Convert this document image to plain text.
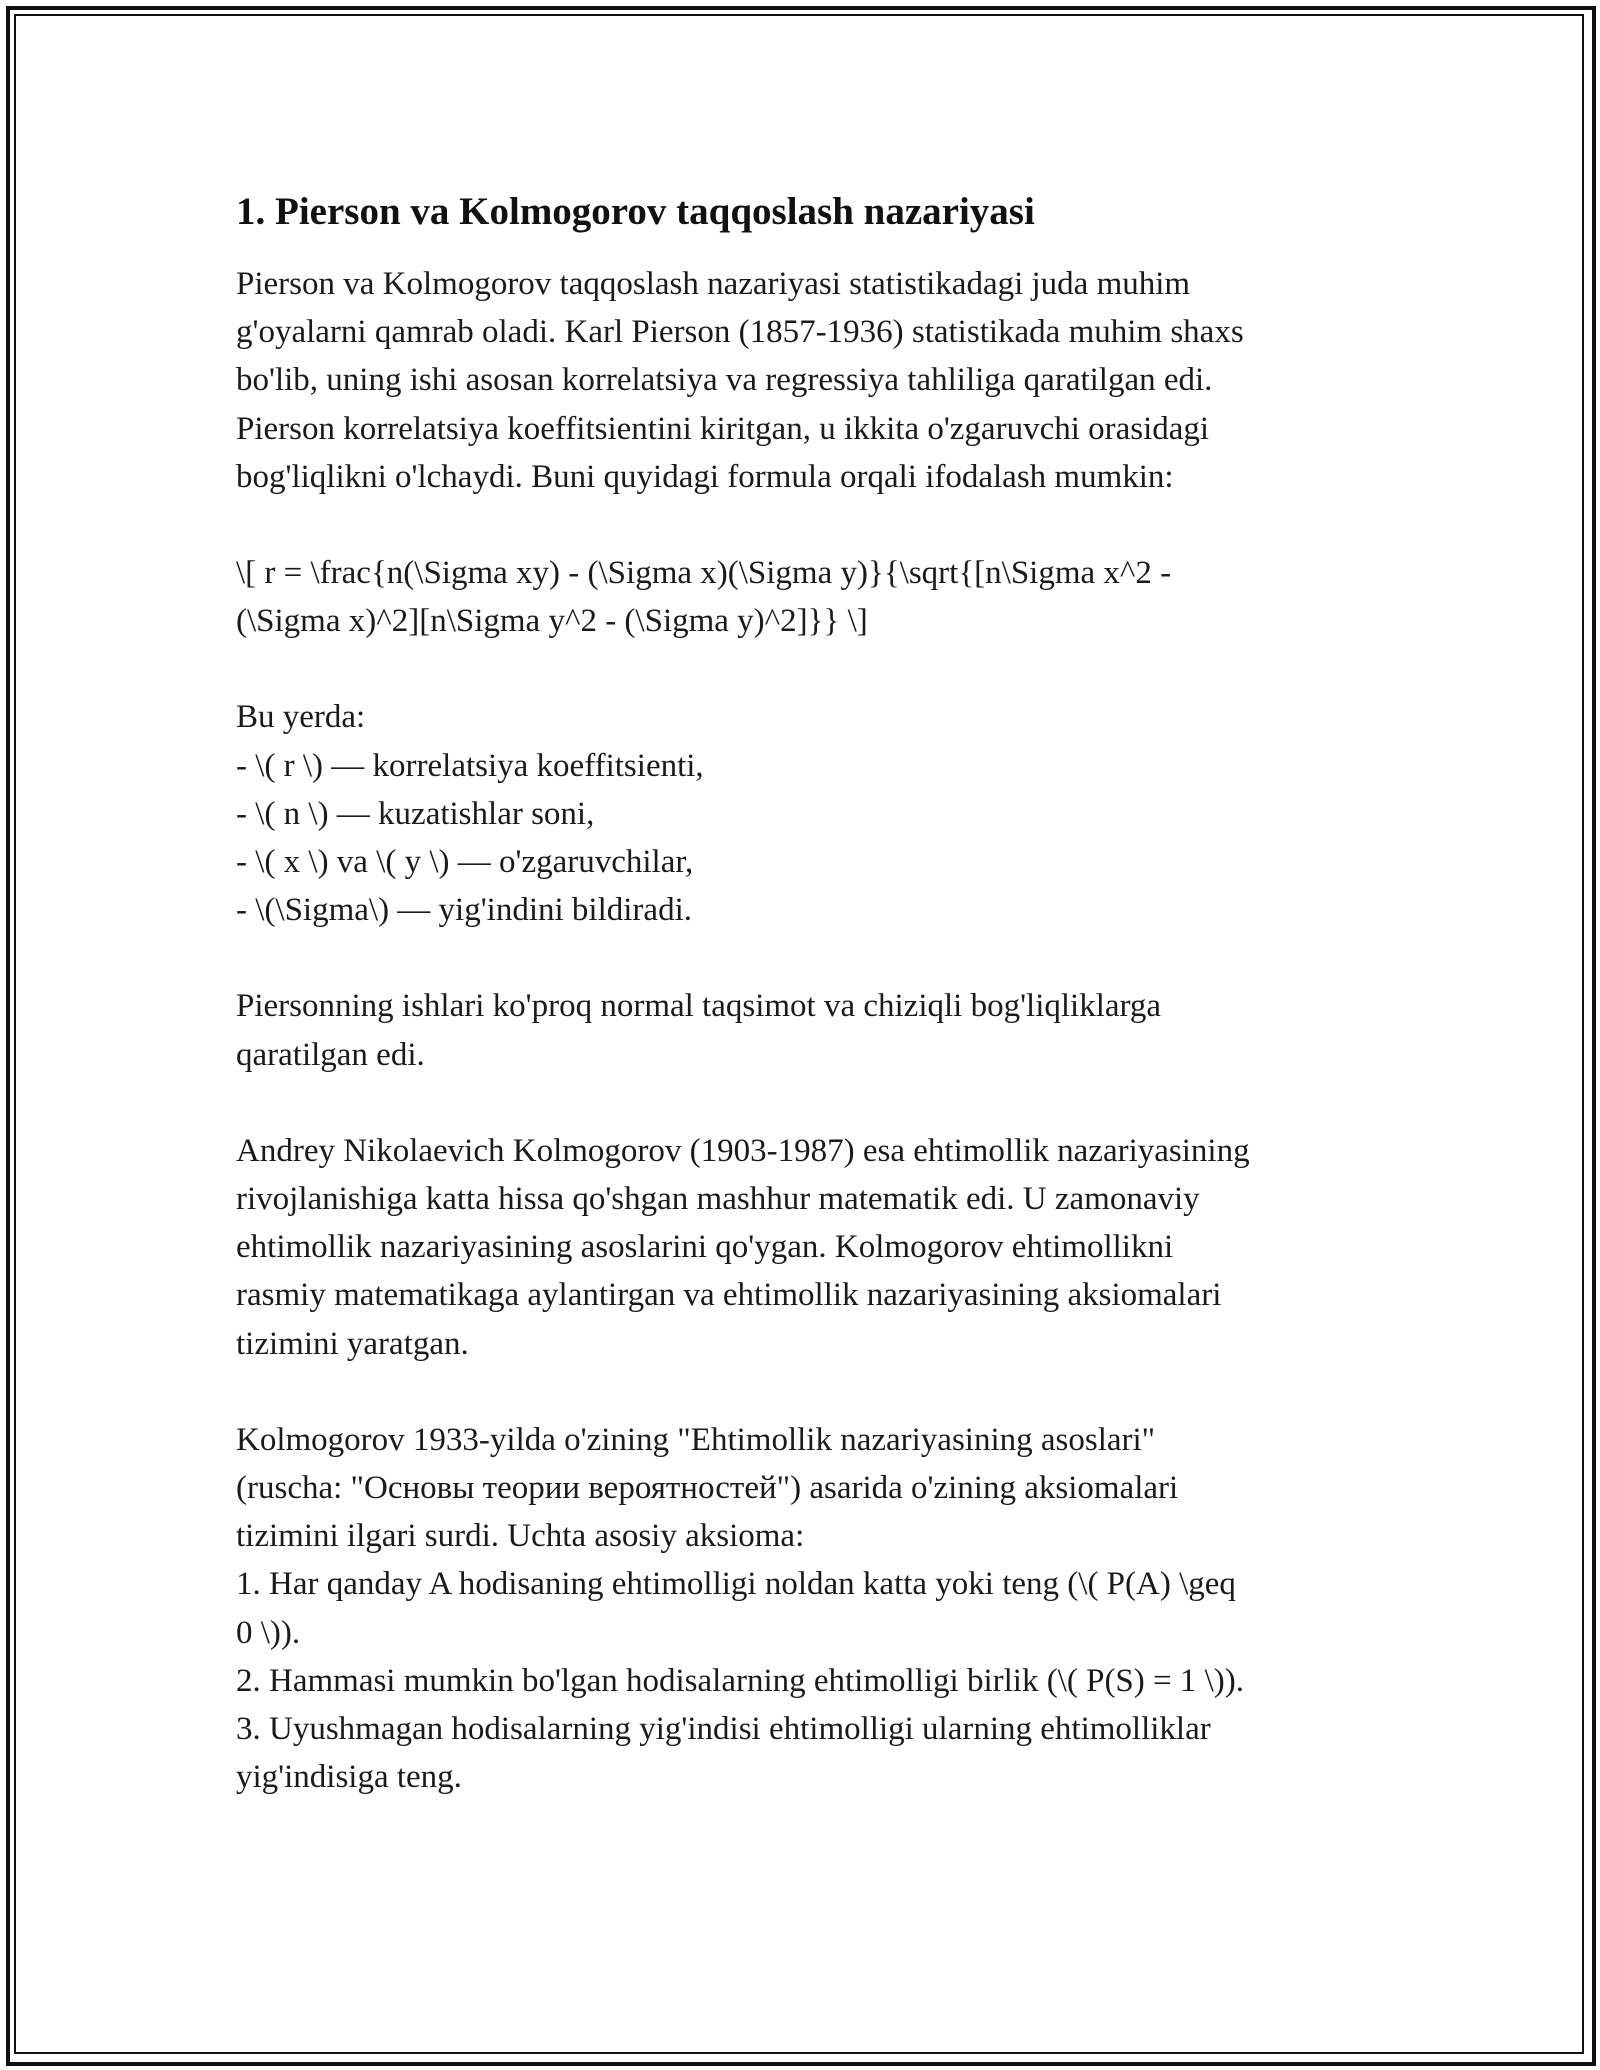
1. Pierson va Kolmogorov taqqoslash nazariyasi
Pierson va Kolmogorov taqqoslash nazariyasi statistikadagi juda muhim
g'oyalarni qamrab oladi. Karl Pierson (1857-1936) statistikada muhim shaxs
bo'lib, uning ishi asosan korrelatsiya va regressiya tahliliga qaratilgan edi.
Pierson korrelatsiya koeffitsientini kiritgan, u ikkita o'zgaruvchi orasidagi
bog'liqlikni o'lchaydi. Buni quyidagi formula orqali ifodalash mumkin:
\[ r = \frac{n(\Sigma xy) - (\Sigma x)(\Sigma y)}{\sqrt{[n\Sigma x^2 -
(\Sigma x)^2][n\Sigma y^2 - (\Sigma y)^2]}} \]
Bu yerda:
- \( r \) — korrelatsiya koeffitsienti,
- \( n \) — kuzatishlar soni,
- \( x \) va \( y \) — o'zgaruvchilar,
- \(\Sigma\) — yig'indini bildiradi.
Piersonning ishlari ko'proq normal taqsimot va chiziqli bog'liqliklarga
qaratilgan edi.
Andrey Nikolaevich Kolmogorov (1903-1987) esa ehtimollik nazariyasining
rivojlanishiga katta hissa qo'shgan mashhur matematik edi. U zamonaviy
ehtimollik nazariyasining asoslarini qo'ygan. Kolmogorov ehtimollikni
rasmiy matematikaga aylantirgan va ehtimollik nazariyasining aksiomalari
tizimini yaratgan.
Kolmogorov 1933-yilda o'zining "Ehtimollik nazariyasining asoslari"
(ruscha: "Основы теории вероятностей") asarida o'zining aksiomalari
tizimini ilgari surdi. Uchta asosiy aksioma:
1. Har qanday A hodisaning ehtimolligi noldan katta yoki teng (\( P(A) \geq
0 \)).
2. Hammasi mumkin bo'lgan hodisalarning ehtimolligi birlik (\( P(S) = 1 \)).
3. Uyushmagan hodisalarning yig'indisi ehtimolligi ularning ehtimolliklar
yig'indisiga teng.
